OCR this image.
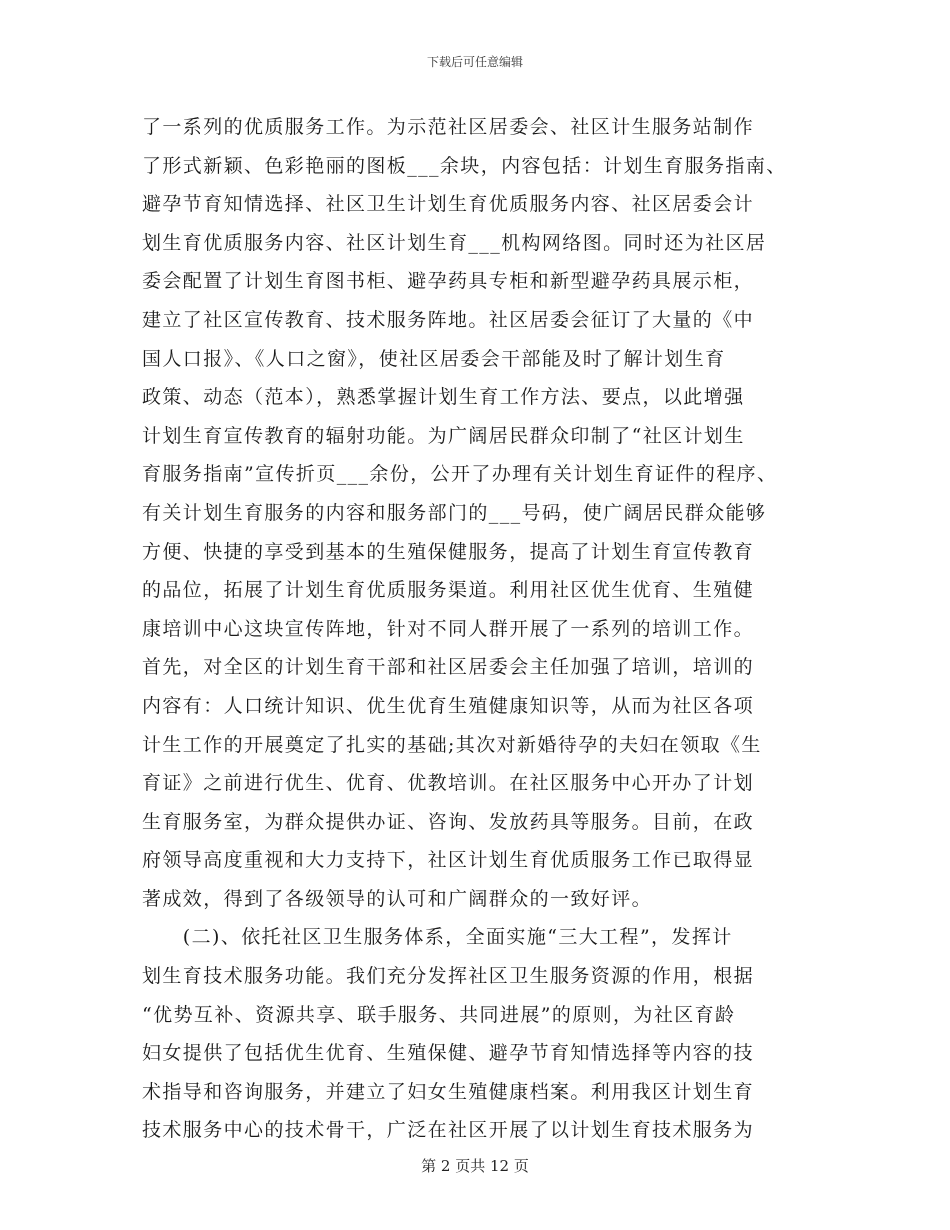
下载后可任意编辑
了一系列的优质服务工作。为示范社区居委会、社区计生服务站制作
了形式新颖、色彩艳丽的图板___余块，内容包括：计划生育服务指南、
避孕节育知情选择、社区卫生计划生育优质服务内容、社区居委会计
划生育优质服务内容、社区计划生育___机构网络图。同时还为社区居
委会配置了计划生育图书柜、避孕药具专柜和新型避孕药具展示柜，
建立了社区宣传教育、技术服务阵地。社区居委会征订了大量的《中
国人口报》、《人口之窗》，使社区居委会干部能及时了解计划生育
政策、动态（范本），熟悉掌握计划生育工作方法、要点，以此增强
计划生育宣传教育的辐射功能。为广阔居民群众印制了“社区计划生
育服务指南”宣传折页___余份，公开了办理有关计划生育证件的程序、
有关计划生育服务的内容和服务部门的___号码，使广阔居民群众能够
方便、快捷的享受到基本的生殖保健服务，提高了计划生育宣传教育
的品位，拓展了计划生育优质服务渠道。利用社区优生优育、生殖健
康培训中心这块宣传阵地，针对不同人群开展了一系列的培训工作。
首先，对全区的计划生育干部和社区居委会主任加强了培训，培训的
内容有：人口统计知识、优生优育生殖健康知识等，从而为社区各项
计生工作的开展奠定了扎实的基础;其次对新婚待孕的夫妇在领取《生
育证》之前进行优生、优育、优教培训。在社区服务中心开办了计划
生育服务室，为群众提供办证、咨询、发放药具等服务。目前，在政
府领导高度重视和大力支持下，社区计划生育优质服务工作已取得显
著成效，得到了各级领导的认可和广阔群众的一致好评。
　　(二)、依托社区卫生服务体系，全面实施“三大工程”，发挥计
划生育技术服务功能。我们充分发挥社区卫生服务资源的作用，根据
“优势互补、资源共享、联手服务、共同进展”的原则，为社区育龄
妇女提供了包括优生优育、生殖保健、避孕节育知情选择等内容的技
术指导和咨询服务，并建立了妇女生殖健康档案。利用我区计划生育
技术服务中心的技术骨干，广泛在社区开展了以计划生育技术服务为
第 2 页共 12 页
